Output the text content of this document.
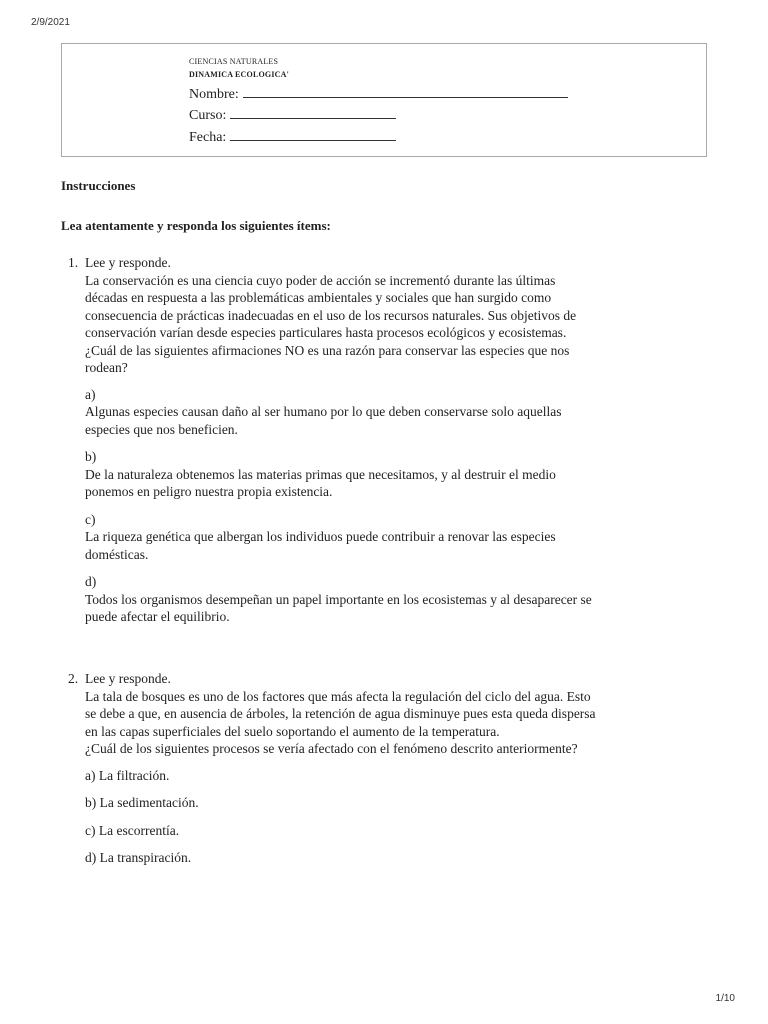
2/9/2021
CIENCIAS NATURALES
DINAMICA ECOLOGICA'
Nombre:
Curso:
Fecha:
Instrucciones
Lea atentamente y responda los siguientes ítems:
1. Lee y responde.
La conservación es una ciencia cuyo poder de acción se incrementó durante las últimas décadas en respuesta a las problemáticas ambientales y sociales que han surgido como consecuencia de prácticas inadecuadas en el uso de los recursos naturales. Sus objetivos de conservación varían desde especies particulares hasta procesos ecológicos y ecosistemas.
¿Cuál de las siguientes afirmaciones NO es una razón para conservar las especies que nos rodean?
a)
Algunas especies causan daño al ser humano por lo que deben conservarse solo aquellas especies que nos beneficien.
b)
De la naturaleza obtenemos las materias primas que necesitamos, y al destruir el medio ponemos en peligro nuestra propia existencia.
c)
La riqueza genética que albergan los individuos puede contribuir a renovar las especies domésticas.
d)
Todos los organismos desempeñan un papel importante en los ecosistemas y al desaparecer se puede afectar el equilibrio.
2. Lee y responde.
La tala de bosques es uno de los factores que más afecta la regulación del ciclo del agua. Esto se debe a que, en ausencia de árboles, la retención de agua disminuye pues esta queda dispersa en las capas superficiales del suelo soportando el aumento de la temperatura.
¿Cuál de los siguientes procesos se vería afectado con el fenómeno descrito anteriormente?
a) La filtración.
b) La sedimentación.
c) La escorrentía.
d) La transpiración.
1/10
